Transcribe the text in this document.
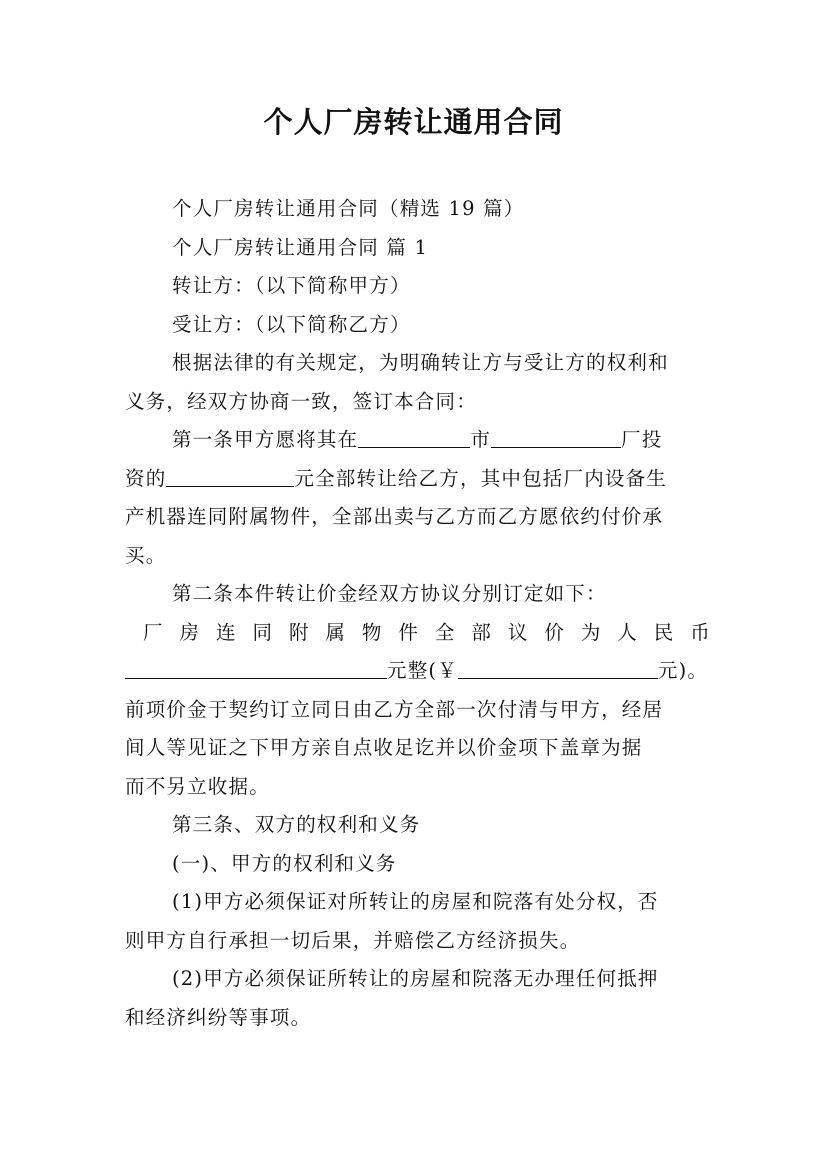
个人厂房转让通用合同

个人厂房转让通用合同（精选 19 篇）

个人厂房转让通用合同 篇 1

转让方：（以下简称甲方）

受让方：（以下简称乙方）

根据法律的有关规定，为明确转让方与受让方的权利和

义务，经双方协商一致，签订本合同：

第一条甲方愿将其在	市	厂投

资的	元全部转让给乙方，其中包括厂内设备生

产机器连同附属物件，全部出卖与乙方而乙方愿依约付价承

买。

第二条本件转让价金经双方协议分别订定如下：

厂 房 连 同 附 属 物 件 全 部 议 价 为 人 民 币

元整(￥	元)。

前项价金于契约订立同日由乙方全部一次付清与甲方，经居

间人等见证之下甲方亲自点收足讫并以价金项下盖章为据

而不另立收据。

第三条、双方的权利和义务

(一)、甲方的权利和义务

(1)甲方必须保证对所转让的房屋和院落有处分权，否

则甲方自行承担一切后果，并赔偿乙方经济损失。

(2)甲方必须保证所转让的房屋和院落无办理任何抵押

和经济纠纷等事项。
